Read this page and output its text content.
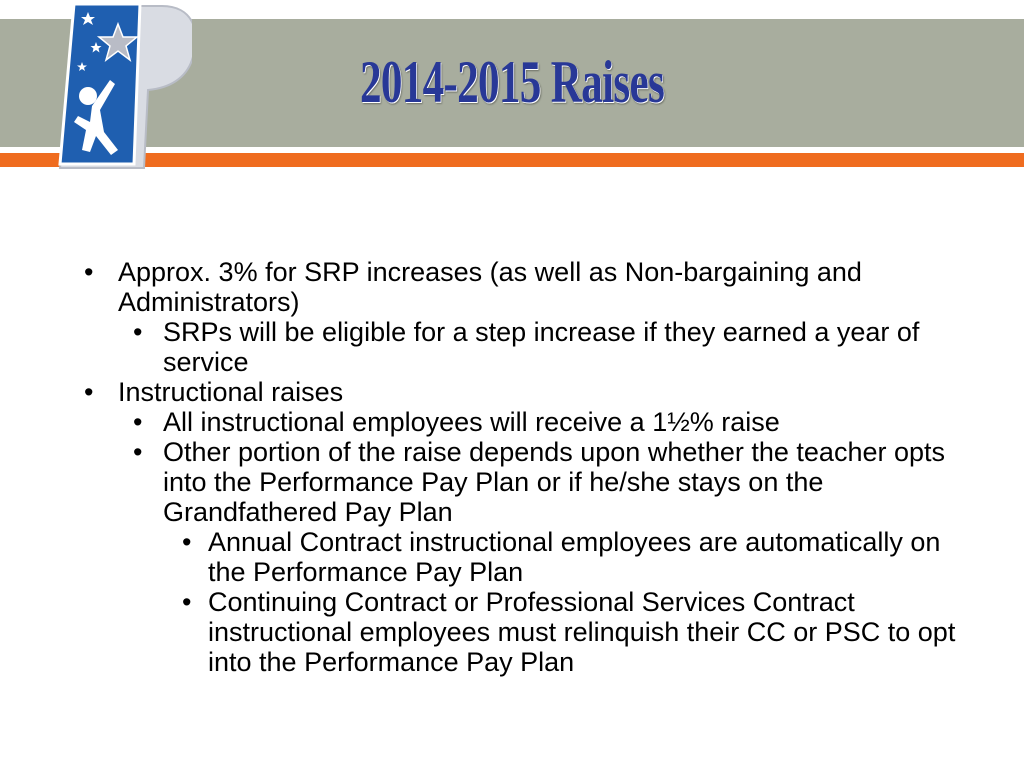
2014-2015 Raises

• Approx. 3% for SRP increases (as well as Non-bargaining and Administrators)

• SRPs will be eligible for a step increase if they earned a year of service

• Instructional raises

• All instructional employees will receive a 1½% raise

• Other portion of the raise depends upon whether the teacher opts into the Performance Pay Plan or if he/she stays on the Grandfathered Pay Plan

• Annual Contract instructional employees are automatically on the Performance Pay Plan

• Continuing Contract or Professional Services Contract instructional employees must relinquish their CC or PSC to opt into the Performance Pay Plan
